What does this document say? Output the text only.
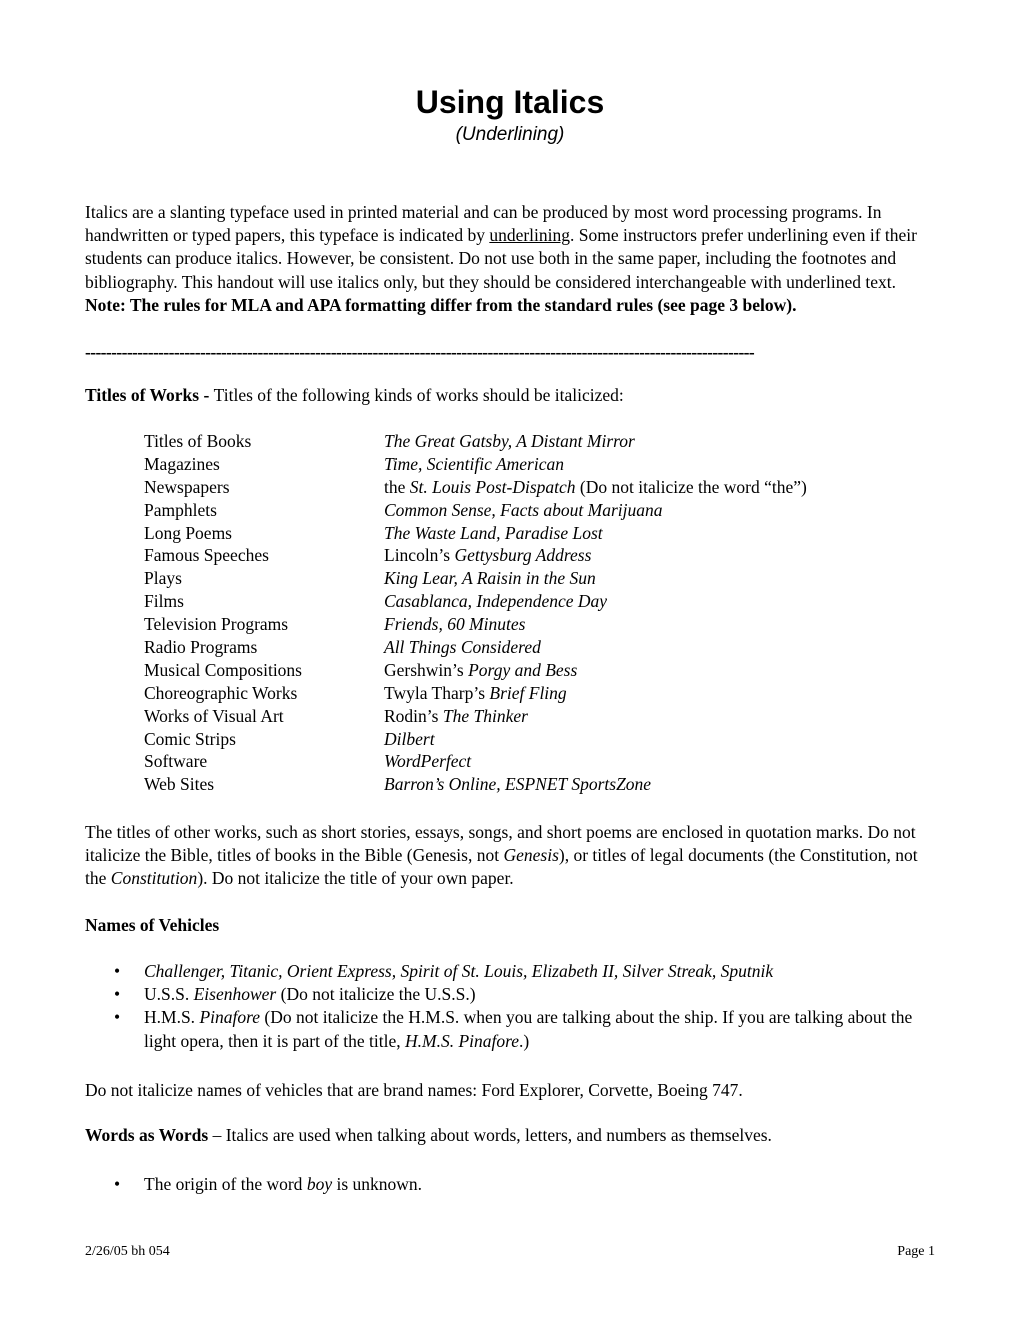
Using Italics
(Underlining)

Italics are a slanting typeface used in printed material and can be produced by most word processing programs. In handwritten or typed papers, this typeface is indicated by underlining. Some instructors prefer underlining even if their students can produce italics. However, be consistent. Do not use both in the same paper, including the footnotes and bibliography. This handout will use italics only, but they should be considered interchangeable with underlined text. Note: The rules for MLA and APA formatting differ from the standard rules (see page 3 below).

--------------------------------------------------------------------------------------------------------------------------------

Titles of Works - Titles of the following kinds of works should be italicized:

Titles of Books	The Great Gatsby, A Distant Mirror
Magazines	Time, Scientific American
Newspapers	the St. Louis Post-Dispatch (Do not italicize the word “the”)
Pamphlets	Common Sense, Facts about Marijuana
Long Poems	The Waste Land, Paradise Lost
Famous Speeches	Lincoln’s Gettysburg Address
Plays	King Lear, A Raisin in the Sun
Films	Casablanca, Independence Day
Television Programs	Friends, 60 Minutes
Radio Programs	All Things Considered
Musical Compositions	Gershwin’s Porgy and Bess
Choreographic Works	Twyla Tharp’s Brief Fling
Works of Visual Art	Rodin’s The Thinker
Comic Strips	Dilbert
Software	WordPerfect
Web Sites	Barron’s Online, ESPNET SportsZone

The titles of other works, such as short stories, essays, songs, and short poems are enclosed in quotation marks. Do not italicize the Bible, titles of books in the Bible (Genesis, not Genesis), or titles of legal documents (the Constitution, not the Constitution). Do not italicize the title of your own paper.

Names of Vehicles

• Challenger, Titanic, Orient Express, Spirit of St. Louis, Elizabeth II, Silver Streak, Sputnik
• U.S.S. Eisenhower (Do not italicize the U.S.S.)
• H.M.S. Pinafore (Do not italicize the H.M.S. when you are talking about the ship. If you are talking about the light opera, then it is part of the title, H.M.S. Pinafore.)

Do not italicize names of vehicles that are brand names: Ford Explorer, Corvette, Boeing 747.

Words as Words – Italics are used when talking about words, letters, and numbers as themselves.

• The origin of the word boy is unknown.
2/26/05 bh 054	Page 1
